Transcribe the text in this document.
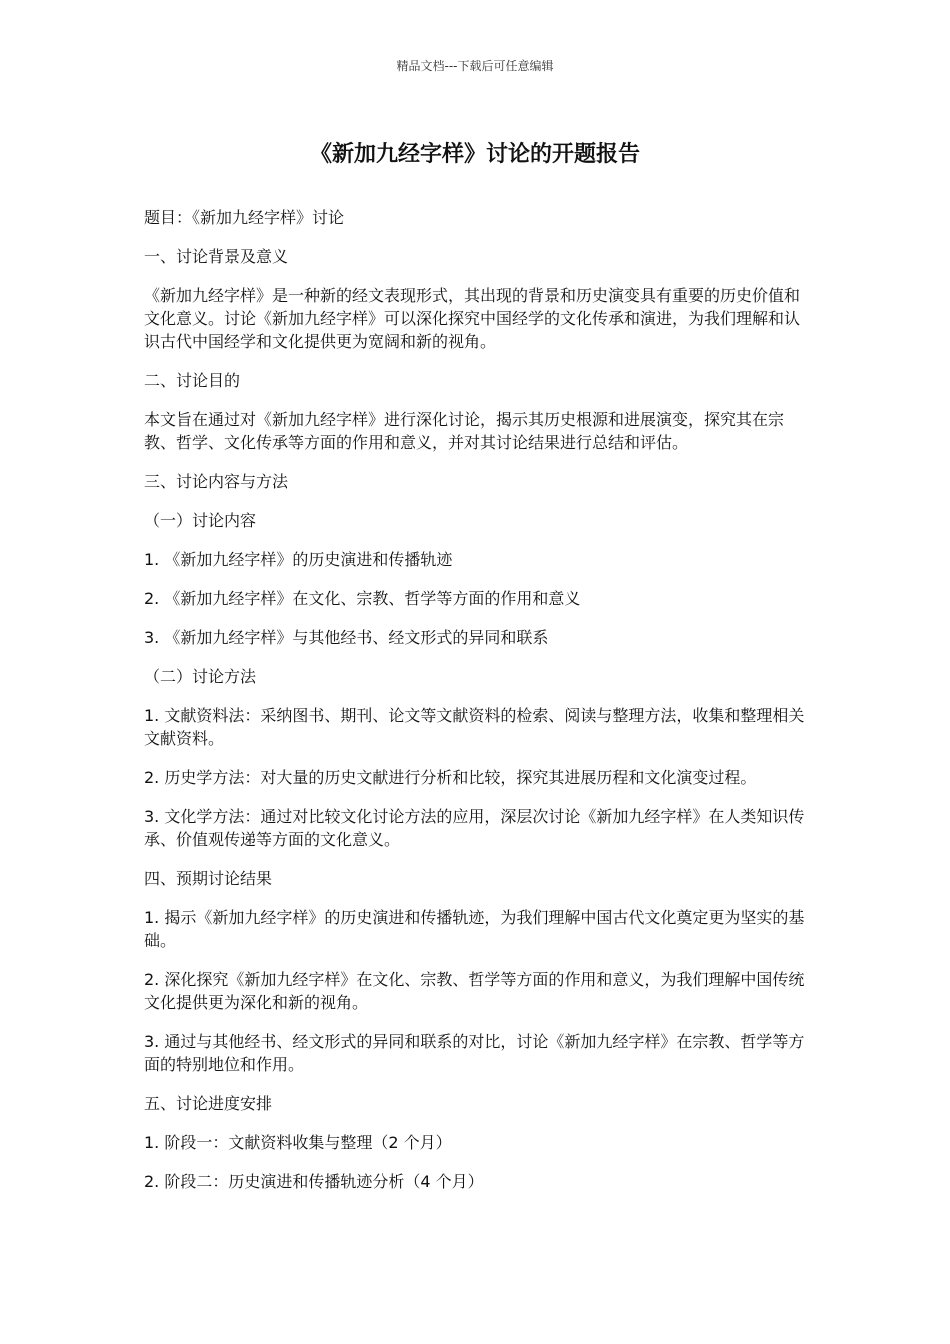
精品文档---下载后可任意编辑
《新加九经字样》讨论的开题报告

题目：《新加九经字样》讨论

一、讨论背景及意义

《新加九经字样》是一种新的经文表现形式，其出现的背景和历史演变具有重要的历史价值和文化意义。讨论《新加九经字样》可以深化探究中国经学的文化传承和演进，为我们理解和认识古代中国经学和文化提供更为宽阔和新的视角。

二、讨论目的

本文旨在通过对《新加九经字样》进行深化讨论，揭示其历史根源和进展演变，探究其在宗教、哲学、文化传承等方面的作用和意义，并对其讨论结果进行总结和评估。

三、讨论内容与方法

（一）讨论内容

1. 《新加九经字样》的历史演进和传播轨迹

2. 《新加九经字样》在文化、宗教、哲学等方面的作用和意义

3. 《新加九经字样》与其他经书、经文形式的异同和联系

（二）讨论方法

1. 文献资料法：采纳图书、期刊、论文等文献资料的检索、阅读与整理方法，收集和整理相关文献资料。

2. 历史学方法：对大量的历史文献进行分析和比较，探究其进展历程和文化演变过程。

3. 文化学方法：通过对比较文化讨论方法的应用，深层次讨论《新加九经字样》在人类知识传承、价值观传递等方面的文化意义。

四、预期讨论结果

1. 揭示《新加九经字样》的历史演进和传播轨迹，为我们理解中国古代文化奠定更为坚实的基础。

2. 深化探究《新加九经字样》在文化、宗教、哲学等方面的作用和意义，为我们理解中国传统文化提供更为深化和新的视角。

3. 通过与其他经书、经文形式的异同和联系的对比，讨论《新加九经字样》在宗教、哲学等方面的特别地位和作用。

五、讨论进度安排

1. 阶段一：文献资料收集与整理（2 个月）

2. 阶段二：历史演进和传播轨迹分析（4 个月）
